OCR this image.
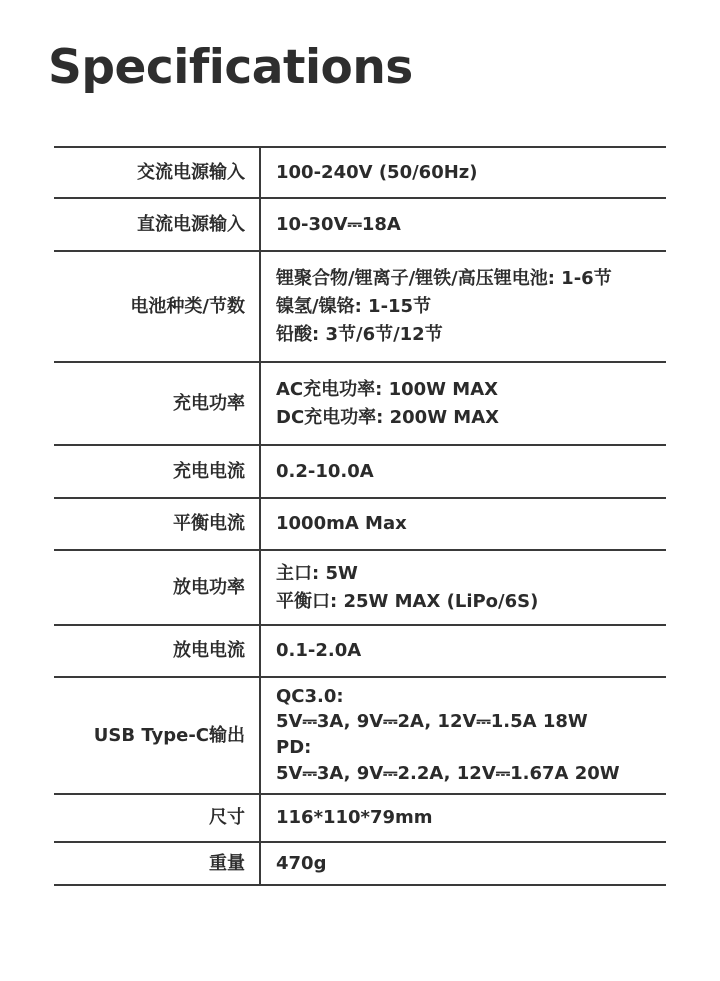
Specifications
交流电源输入	100-240V (50/60Hz)

直流电源输入	10-30V⎓18A

电池种类/节数	锂聚合物/锂离子/锂铁/高压锂电池: 1-6节
镍氢/镍铬: 1-15节
铅酸: 3节/6节/12节

充电功率	AC充电功率: 100W MAX
DC充电功率: 200W MAX

充电电流	0.2-10.0A

平衡电流	1000mA Max

放电功率	主口: 5W
平衡口: 25W MAX (LiPo/6S)

放电电流	0.1-2.0A

USB Type-C输出	QC3.0:
5V⎓3A, 9V⎓2A, 12V⎓1.5A 18W
PD:
5V⎓3A, 9V⎓2.2A, 12V⎓1.67A 20W

尺寸	116*110*79mm

重量	470g
